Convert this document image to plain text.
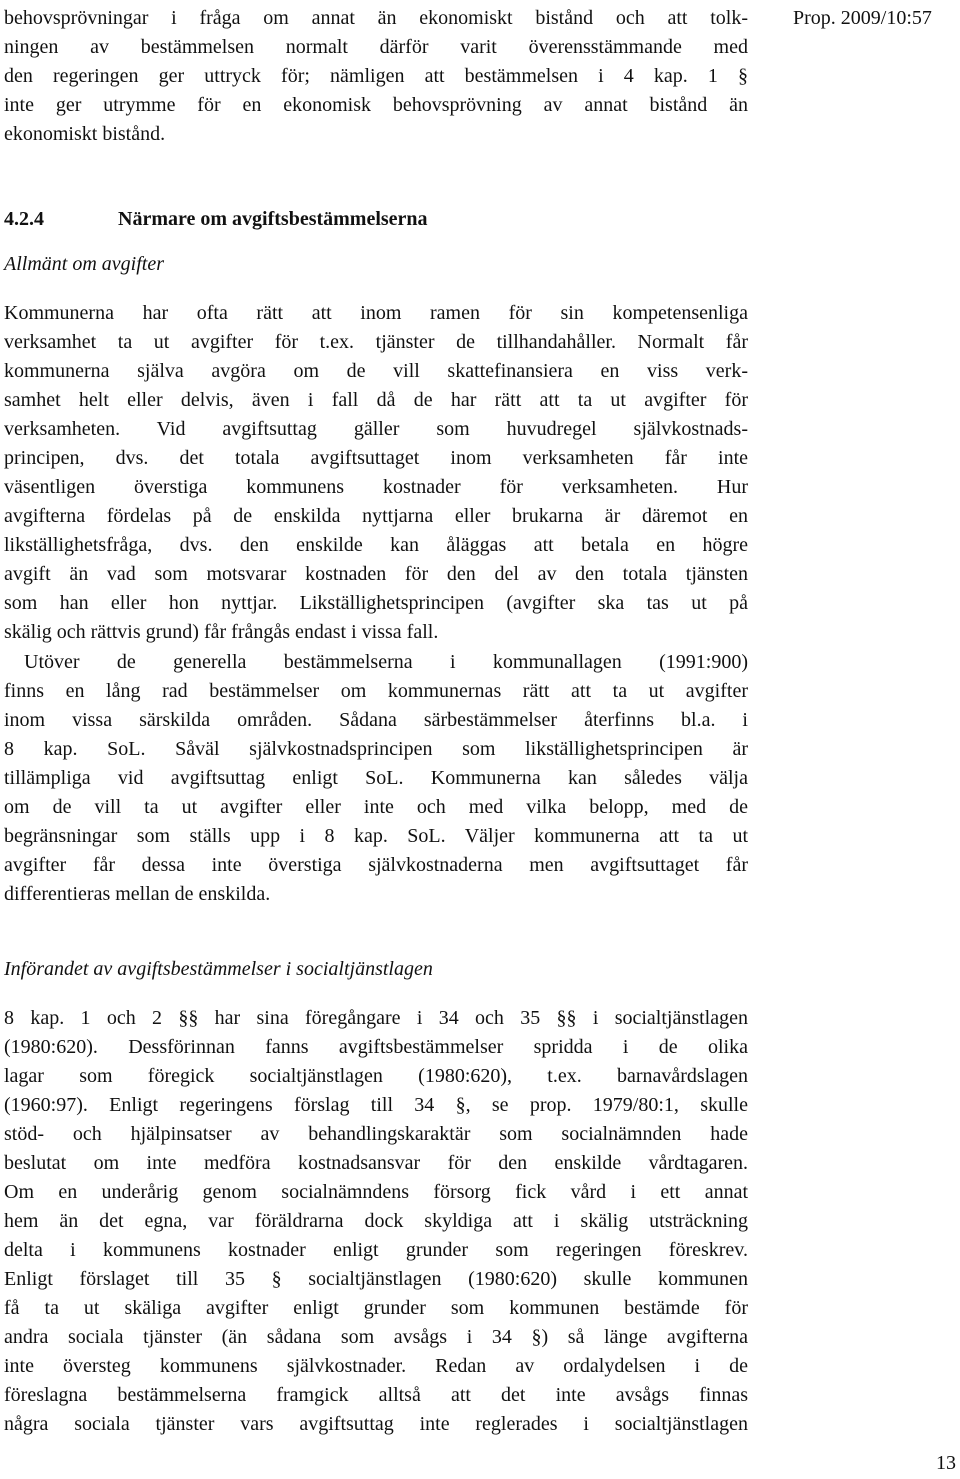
Prop. 2009/10:57
behovsprövningar i fråga om annat än ekonomiskt bistånd och att tolk-
ningen av bestämmelsen normalt därför varit överensstämmande med
den regeringen ger uttryck för; nämligen att bestämmelsen i 4 kap. 1 §
inte ger utrymme för en ekonomisk behovsprövning av annat bistånd än
ekonomiskt bistånd.
4.2.4	Närmare om avgiftsbestämmelserna
Allmänt om avgifter
Kommunerna har ofta rätt att inom ramen för sin kompetensenliga
verksamhet ta ut avgifter för t.ex. tjänster de tillhandahåller. Normalt får
kommunerna själva avgöra om de vill skattefinansiera en viss verk-
samhet helt eller delvis, även i fall då de har rätt att ta ut avgifter för
verksamheten. Vid avgiftsuttag gäller som huvudregel självkostnads-
principen, dvs. det totala avgiftsuttaget inom verksamheten får inte
väsentligen överstiga kommunens kostnader för verksamheten. Hur
avgifterna fördelas på de enskilda nyttjarna eller brukarna är däremot en
likställighetsfråga, dvs. den enskilde kan åläggas att betala en högre
avgift än vad som motsvarar kostnaden för den del av den totala tjänsten
som han eller hon nyttjar. Likställighetsprincipen (avgifter ska tas ut på
skälig och rättvis grund) får frångås endast i vissa fall.
Utöver de generella bestämmelserna i kommunallagen (1991:900)
finns en lång rad bestämmelser om kommunernas rätt att ta ut avgifter
inom vissa särskilda områden. Sådana särbestämmelser återfinns bl.a. i
8 kap. SoL. Såväl självkostnadsprincipen som likställighetsprincipen är
tillämpliga vid avgiftsuttag enligt SoL. Kommunerna kan således välja
om de vill ta ut avgifter eller inte och med vilka belopp, med de
begränsningar som ställs upp i 8 kap. SoL. Väljer kommunerna att ta ut
avgifter får dessa inte överstiga självkostnaderna men avgiftsuttaget får
differentieras mellan de enskilda.
Införandet av avgiftsbestämmelser i socialtjänstlagen
8 kap. 1 och 2 §§ har sina föregångare i 34 och 35 §§ i socialtjänstlagen
(1980:620). Dessförinnan fanns avgiftsbestämmelser spridda i de olika
lagar som föregick socialtjänstlagen (1980:620), t.ex. barnavårdslagen
(1960:97). Enligt regeringens förslag till 34 §, se prop. 1979/80:1, skulle
stöd- och hjälpinsatser av behandlingskaraktär som socialnämnden hade
beslutat om inte medföra kostnadsansvar för den enskilde vårdtagaren.
Om en underårig genom socialnämndens försorg fick vård i ett annat
hem än det egna, var föräldrarna dock skyldiga att i skälig utsträckning
delta i kommunens kostnader enligt grunder som regeringen föreskrev.
Enligt förslaget till 35 § socialtjänstlagen (1980:620) skulle kommunen
få ta ut skäliga avgifter enligt grunder som kommunen bestämde för
andra sociala tjänster (än sådana som avsågs i 34 §) så länge avgifterna
inte översteg kommunens självkostnader. Redan av ordalydelsen i de
föreslagna bestämmelserna framgick alltså att det inte avsågs finnas
några sociala tjänster vars avgiftsuttag inte reglerades i socialtjänstlagen
13
